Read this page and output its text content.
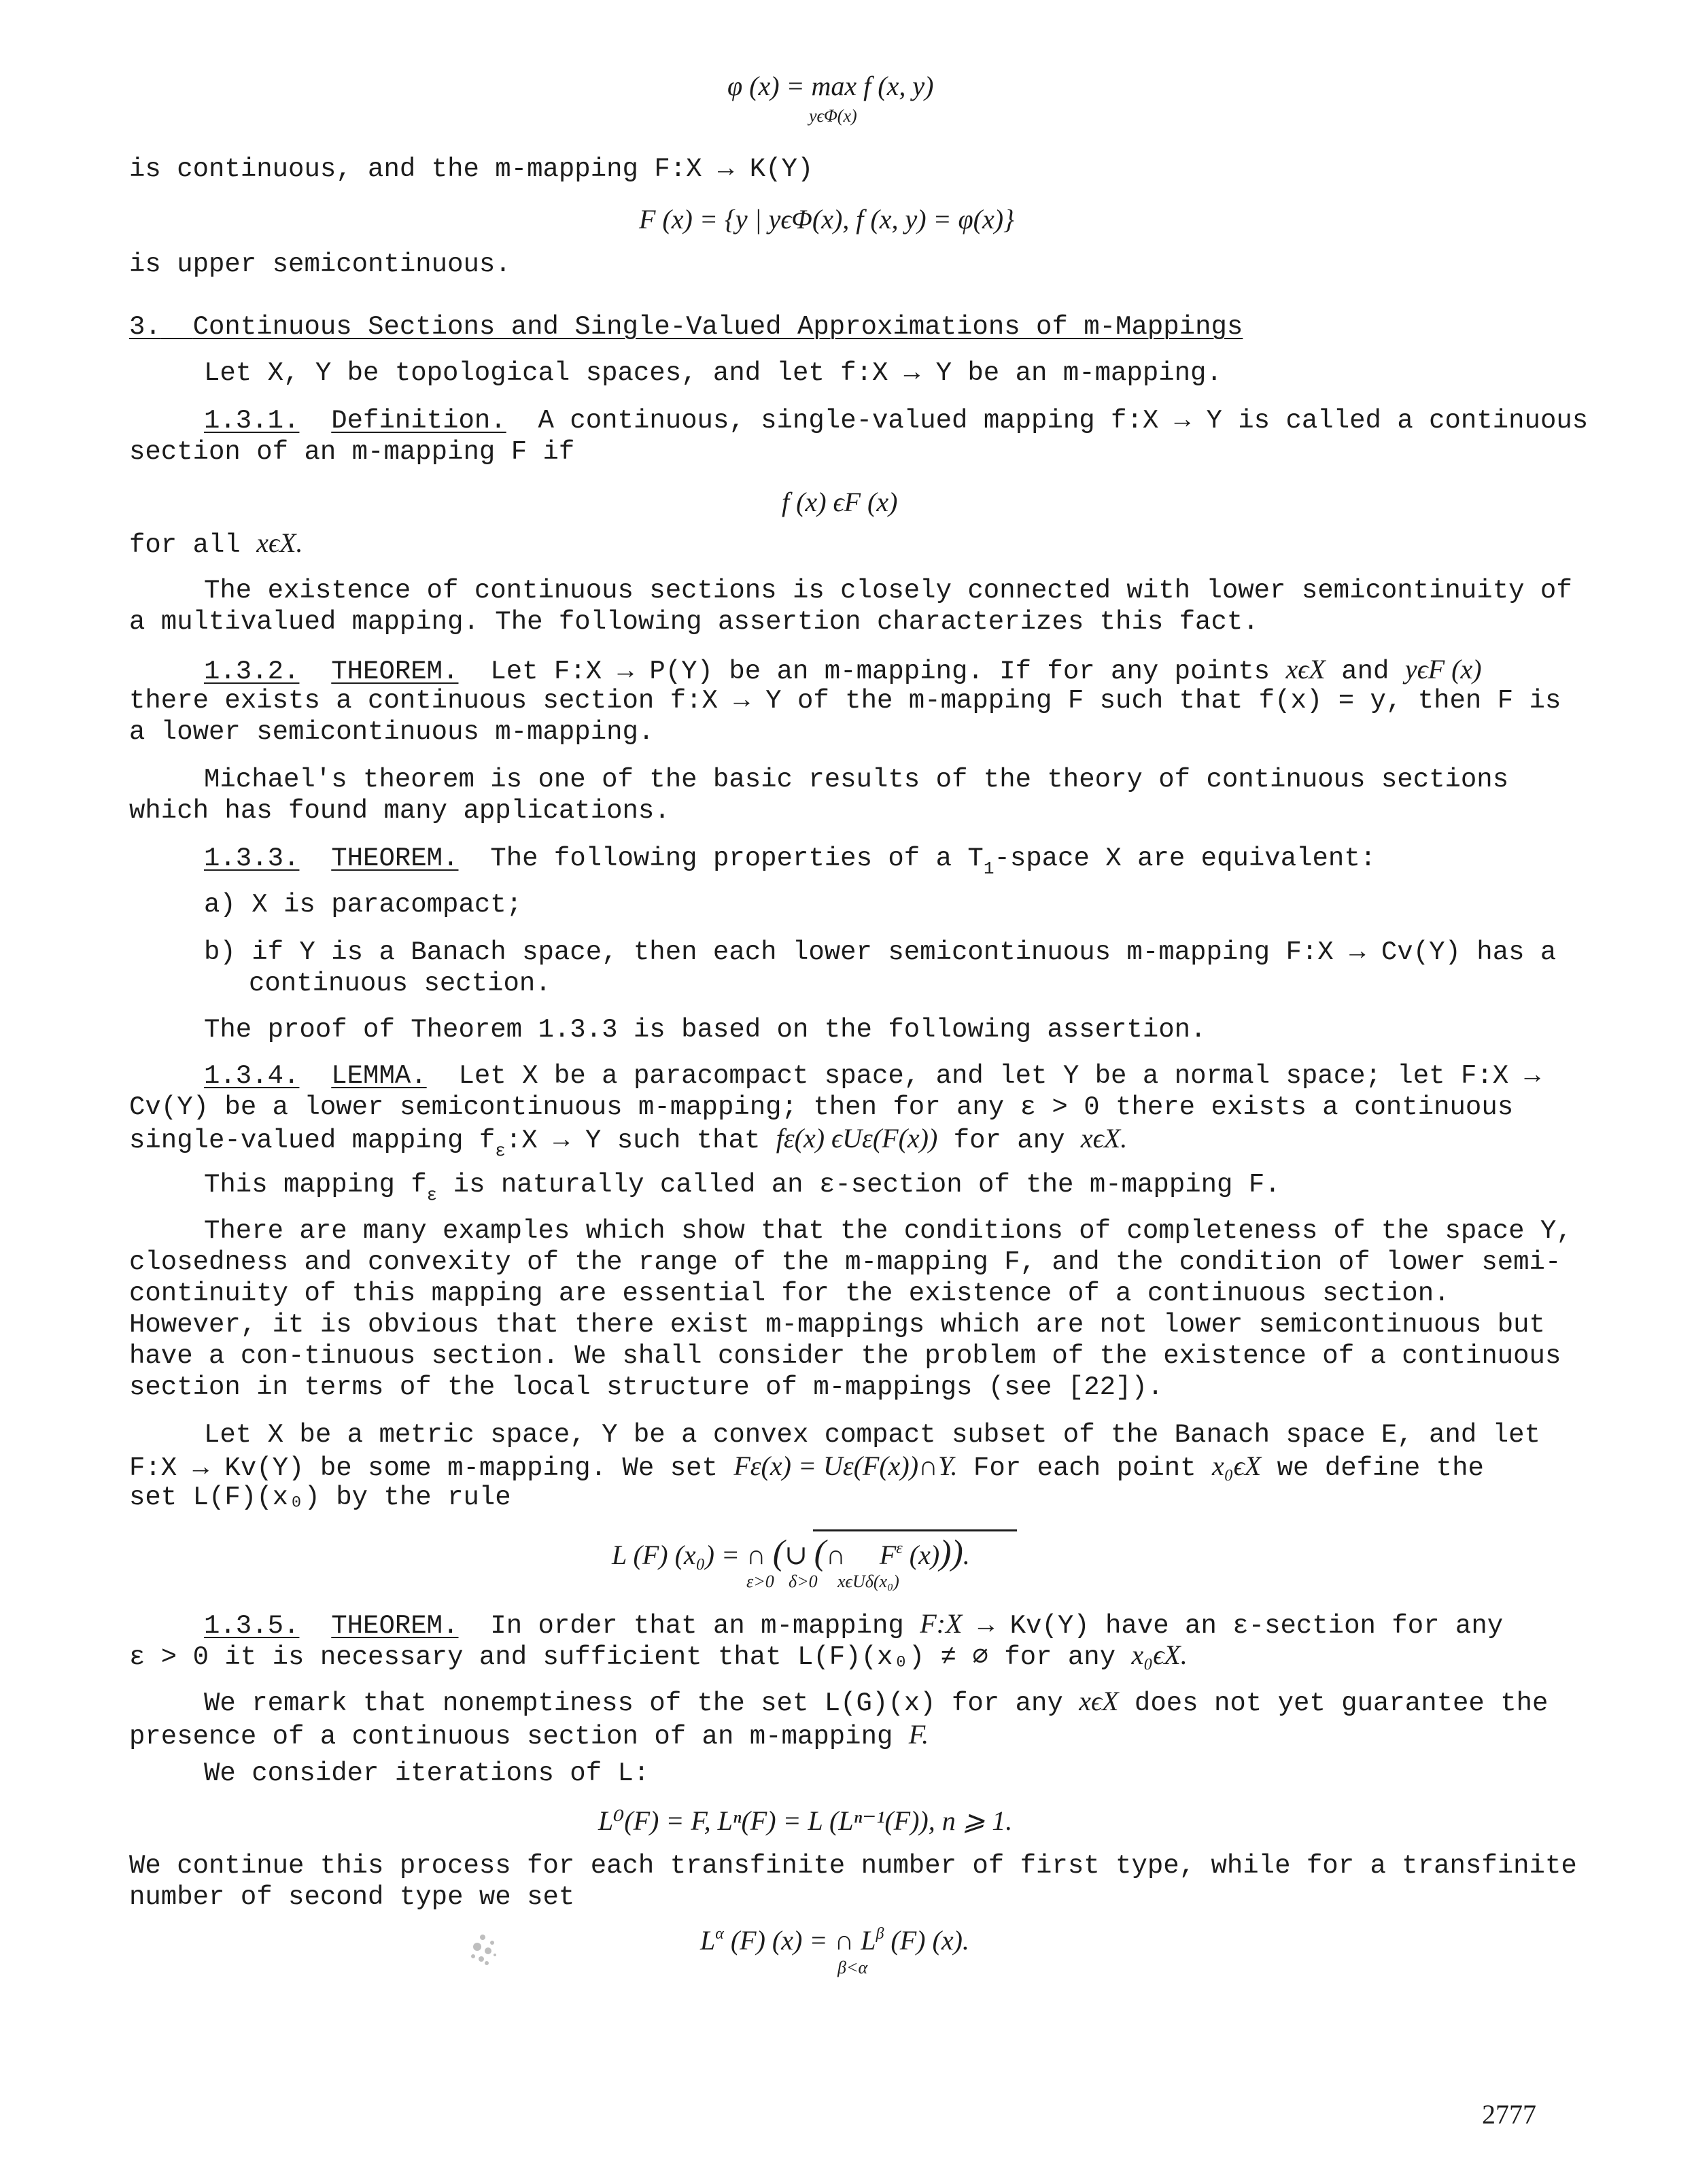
φ (x) = max f (x, y)
yϵΦ(x)

is continuous, and the m-mapping F:X → K(Y)

F (x) = {y | yϵΦ(x), f (x, y) = φ(x)}

is upper semicontinuous.

3. Continuous Sections and Single-Valued Approximations of m-Mappings
Let X, Y be topological spaces, and let f:X → Y be an m-mapping.
1.3.1. Definition. A continuous, single-valued mapping f:X → Y is called a continuous
section of an m-mapping F if
f (x) ϵF (x)
for all xϵX.

The existence of continuous sections is closely connected with lower semicontinuity of a multivalued mapping. The following assertion characterizes this fact.

1.3.2. THEOREM. Let F:X → P(Y) be an m-mapping. If for any points xϵX and yϵF (x)

there exists a continuous section f:X → Y of the m-mapping F such that f(x) = y, then F is a lower semicontinuous m-mapping.

Michael's theorem is one of the basic results of the theory of continuous sections which has found many applications.

1.3.3. THEOREM. The following properties of a $T_1$-space X are equivalent:
a) X is paracompact;
b) if Y is a Banach space, then each lower semicontinuous m-mapping F:X → Cv(Y) has a
continuous section.
The proof of Theorem 1.3.3 is based on the following assertion.
1.3.4. LEMMA. Let X be a paracompact space, and let Y be a normal space; let F:X →
Cv(Y) be a lower semicontinuous m-mapping; then for any ε > 0 there exists a continuous
single-valued mapping $f_\varepsilon:X \to Y$ such that fε(x) ϵUε(F(x)) for any xϵX.
This mapping $f_\varepsilon$ is naturally called an ε-section of the m-mapping F.

There are many examples which show that the conditions of completeness of the space Y, closedness and convexity of the range of the m-mapping F, and the condition of lower semi-continuity of this mapping are essential for the existence of a continuous section. However, it is obvious that there exist m-mappings which are not lower semicontinuous but have a con-tinuous section. We shall consider the problem of the existence of a continuous section in terms of the local structure of m-mappings (see [22]).

Let X be a metric space, Y be a convex compact subset of the Banach space E, and let
F:X → Kv(Y) be some m-mapping. We set Fε(x) = Uε(F(x))∩Y. For each point x₀ϵX we define the
set L(F)(x₀) by the rule
L (F) (x₀) = ∩ (∪ (∩ $F^\varepsilon$ (x))).
ε>0 δ>0 xϵUδ(x₀)
1.3.5. THEOREM. In order that an m-mapping F:X → Kv(Y) have an ε-section for any
ε > 0 it is necessary and sufficient that L(F)(x₀) ≠ ∅ for any x₀ϵX.

We remark that nonemptiness of the set L(G)(x) for any xϵX does not yet guarantee the presence of a continuous section of an m-mapping F.

We consider iterations of L:
L⁰(F) = F, Lⁿ(F) = L (Lⁿ⁻¹(F)), n ⩾ 1.

We continue this process for each transfinite number of first type, while for a transfinite number of second type we set

$L^\alpha$ (F) (x) = ∩ $L^\beta$ (F) (x).
β<α
2777
